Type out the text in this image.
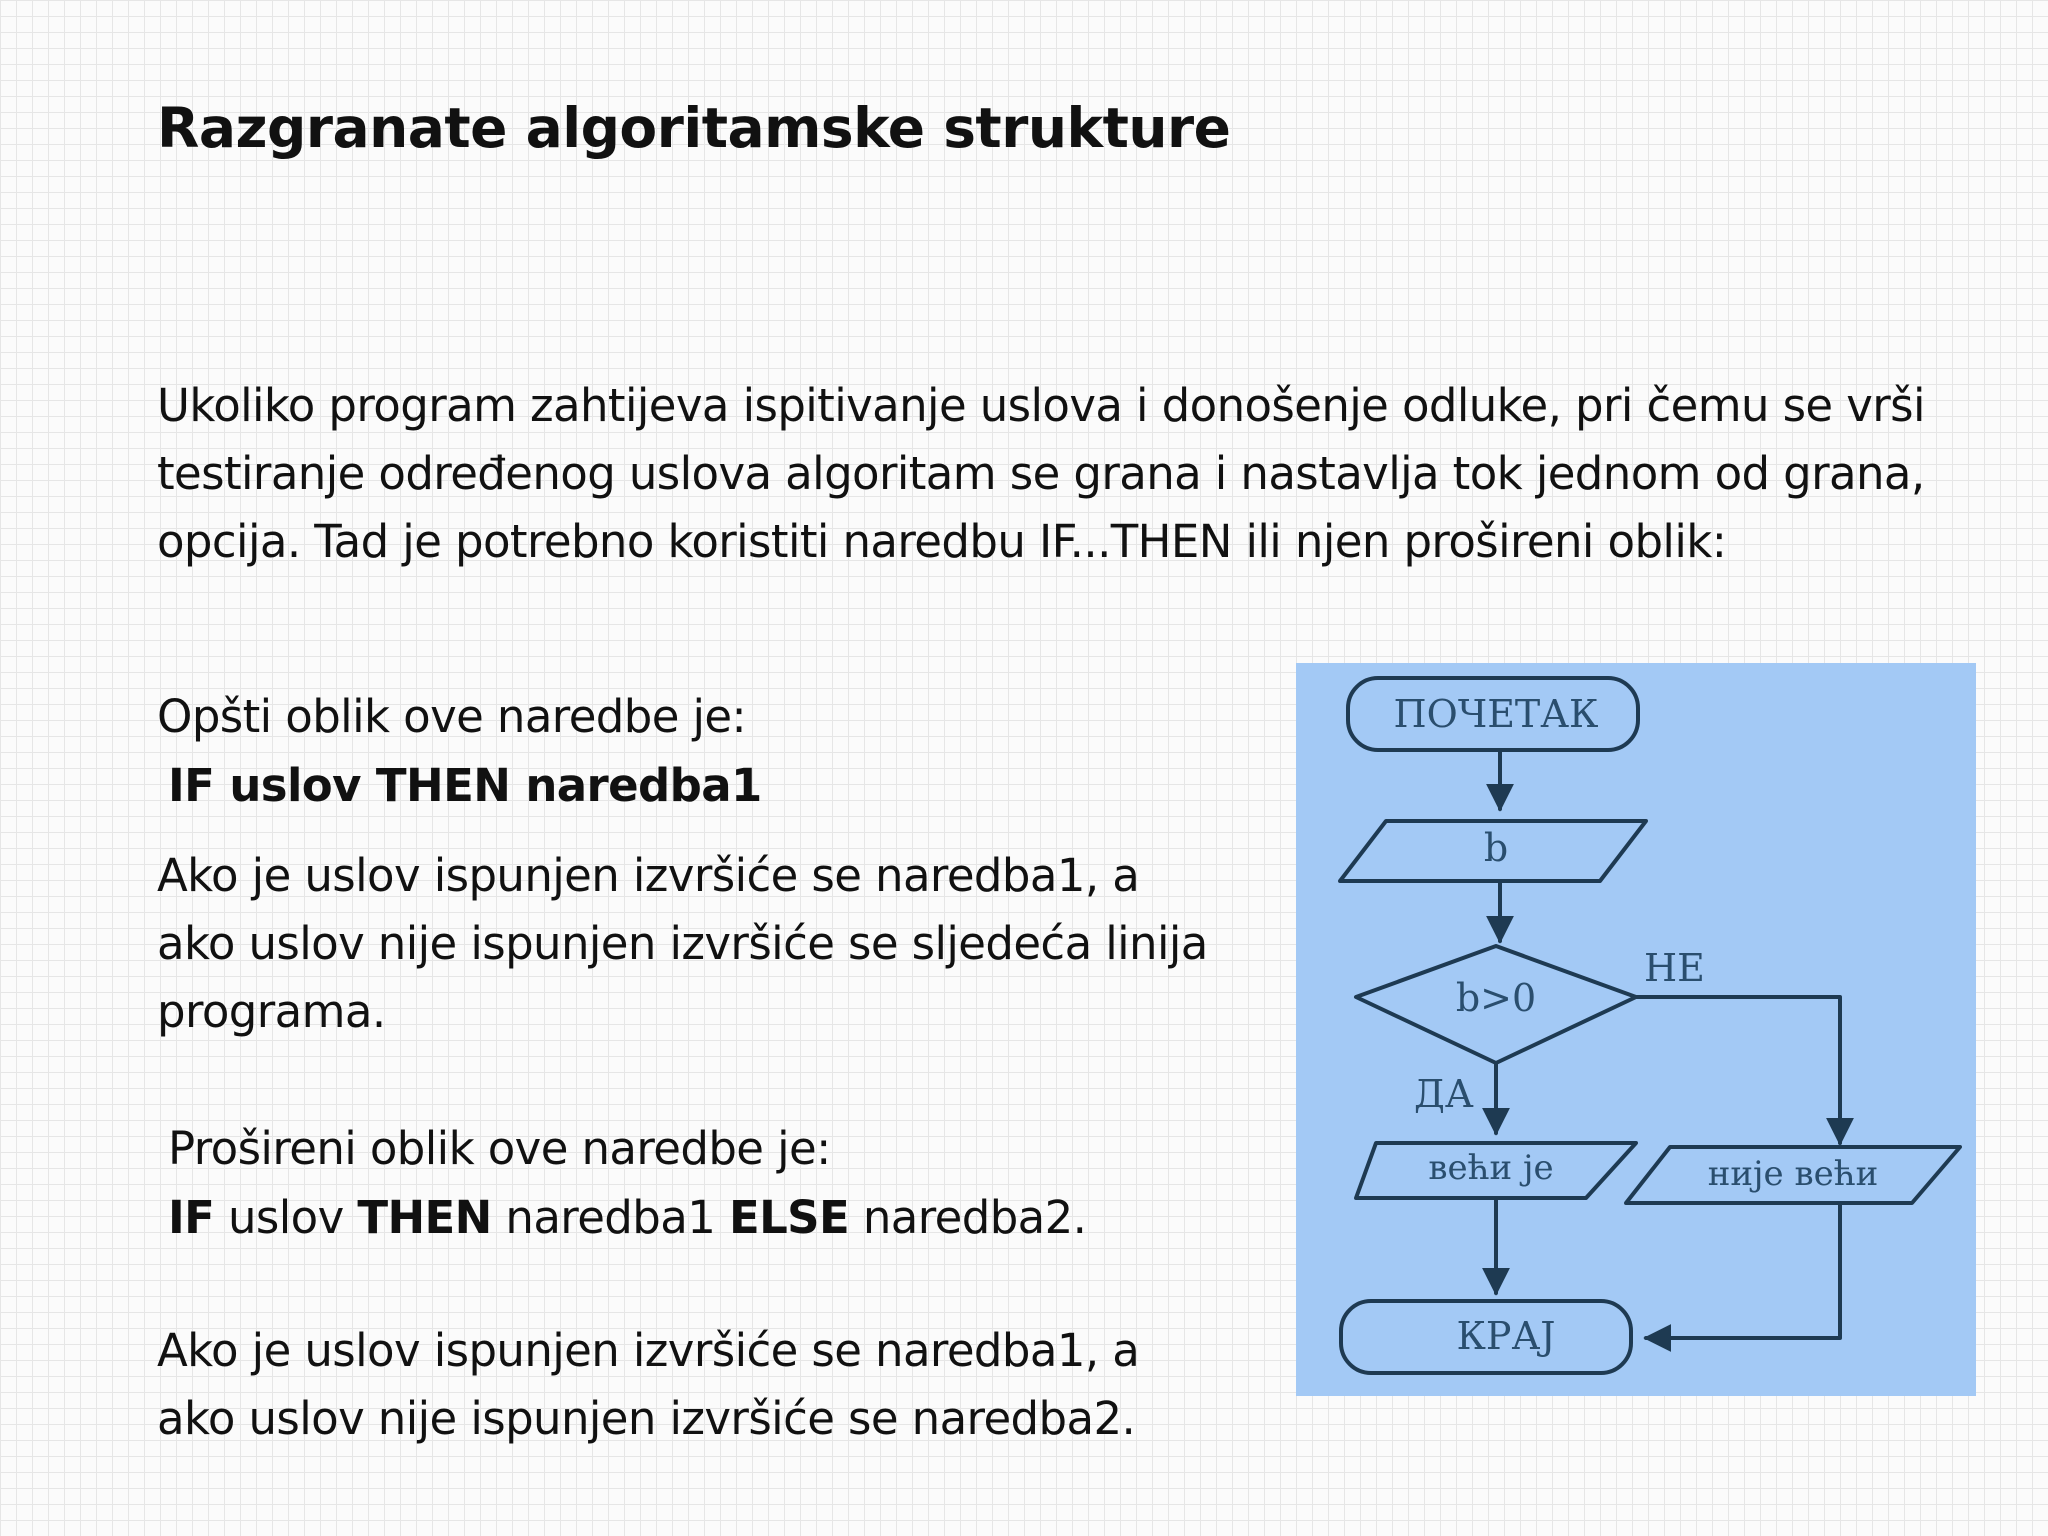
Razgranate algoritamske strukture

Ukoliko program zahtijeva ispitivanje uslova i donošenje odluke, pri čemu se vrši testiranje određenog uslova algoritam se grana i nastavlja tok jednom od grana, opcija. Tad je potrebno koristiti naredbu IF...THEN ili njen prošireni oblik:

Opšti oblik ove naredbe je:

IF uslov THEN naredba1

Ako je uslov ispunjen izvršiće se naredba1, a ako uslov nije ispunjen izvršiće se sljedeća linija programa.

Prošireni oblik ove naredbe je:

IF uslov THEN naredba1 ELSE naredba2.

Ako je uslov ispunjen izvršiće se naredba1, a ako uslov nije ispunjen izvršiće se naredba2.

ПОЧЕТАК
b
b>0
НЕ
ДА
већи је	није већи
КРАЈ
